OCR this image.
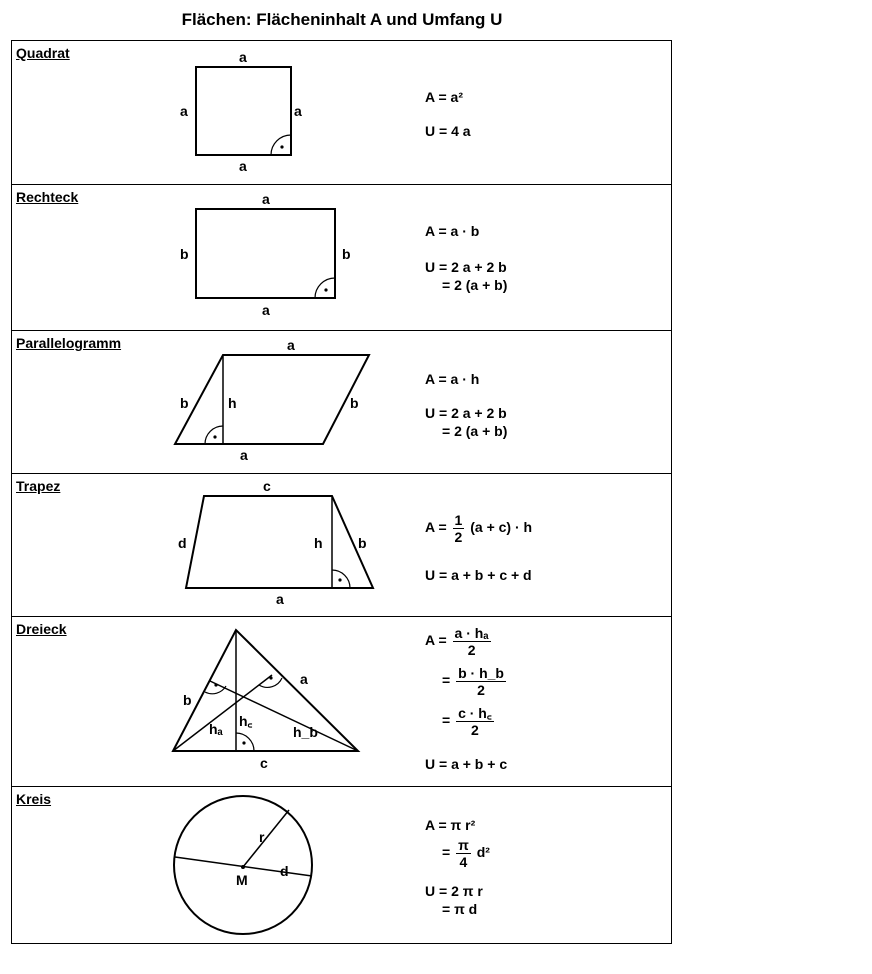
Flächen: Flächeninhalt A und Umfang U
Quadrat	a
a	a
a
A = a²
U = 4 a
Rechteck	a
b	b
a
A = a · b
U = 2 a + 2 b
= 2 (a + b)
Parallelogramm	a
b	h	b
a
A = a · h
U = 2 a + 2 b
= 2 (a + b)
Trapez	c
d	h	b
a
$A = \frac{1}{2} (a + c) \cdot h$
U = a + b + c + d
Dreieck
a
b
c
hₐ h꜀
h_b
$A = \frac{\text{a · hₐ}}{2}$
= $\frac{b \cdot h\_b}{2}$
= $\frac{c \cdot h꜀}{2}$
U = a + b + c
Kreis
M
r
d
A = π r²
= $\frac{\pi}{4} d^2$
U = 2 π r
= π d
